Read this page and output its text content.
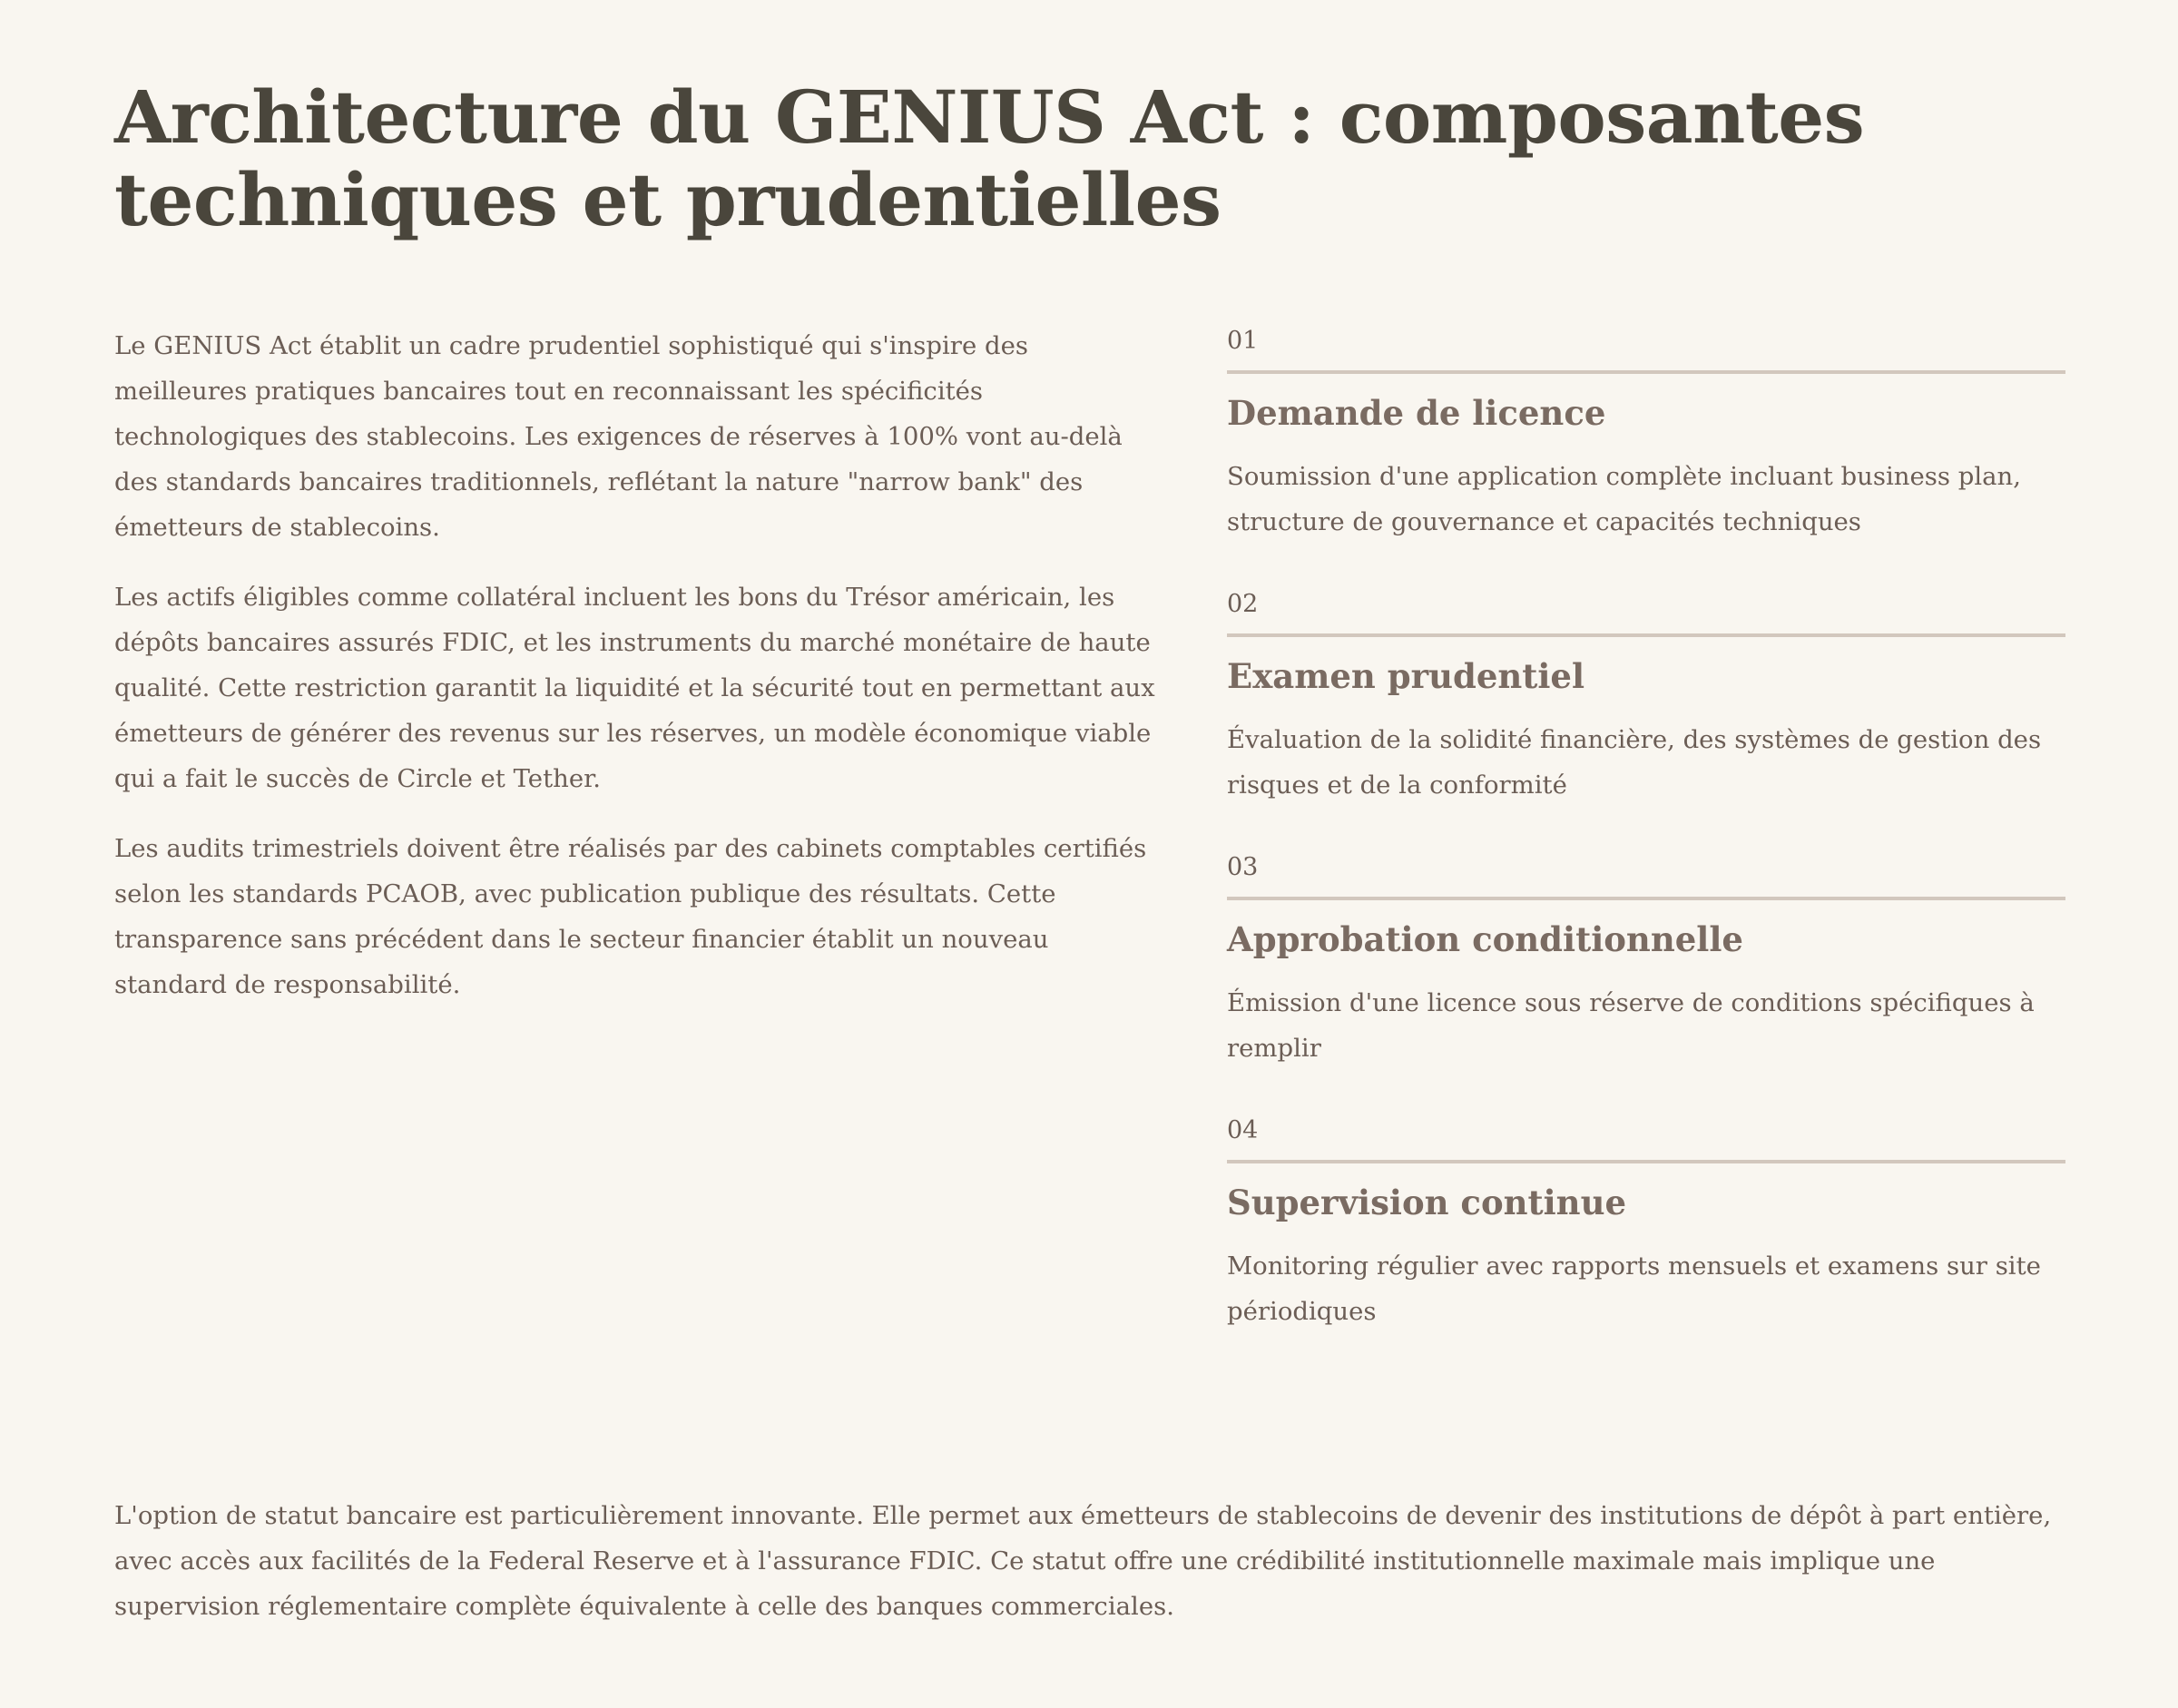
Architecture du GENIUS Act : composantes techniques et prudentielles

Le GENIUS Act établit un cadre prudentiel sophistiqué qui s'inspire des meilleures pratiques bancaires tout en reconnaissant les spécificités technologiques des stablecoins. Les exigences de réserves à 100% vont au-delà des standards bancaires traditionnels, reflétant la nature "narrow bank" des émetteurs de stablecoins.

Les actifs éligibles comme collatéral incluent les bons du Trésor américain, les dépôts bancaires assurés FDIC, et les instruments du marché monétaire de haute qualité. Cette restriction garantit la liquidité et la sécurité tout en permettant aux émetteurs de générer des revenus sur les réserves, un modèle économique viable qui a fait le succès de Circle et Tether.

Les audits trimestriels doivent être réalisés par des cabinets comptables certifiés selon les standards PCAOB, avec publication publique des résultats. Cette transparence sans précédent dans le secteur financier établit un nouveau standard de responsabilité.

01
Demande de licence
Soumission d'une application complète incluant business plan, structure de gouvernance et capacités techniques
02
Examen prudentiel
Évaluation de la solidité financière, des systèmes de gestion des risques et de la conformité
03
Approbation conditionnelle
Émission d'une licence sous réserve de conditions spécifiques à remplir
04
Supervision continue
Monitoring régulier avec rapports mensuels et examens sur site périodiques

L'option de statut bancaire est particulièrement innovante. Elle permet aux émetteurs de stablecoins de devenir des institutions de dépôt à part entière, avec accès aux facilités de la Federal Reserve et à l'assurance FDIC. Ce statut offre une crédibilité institutionnelle maximale mais implique une supervision réglementaire complète équivalente à celle des banques commerciales.
